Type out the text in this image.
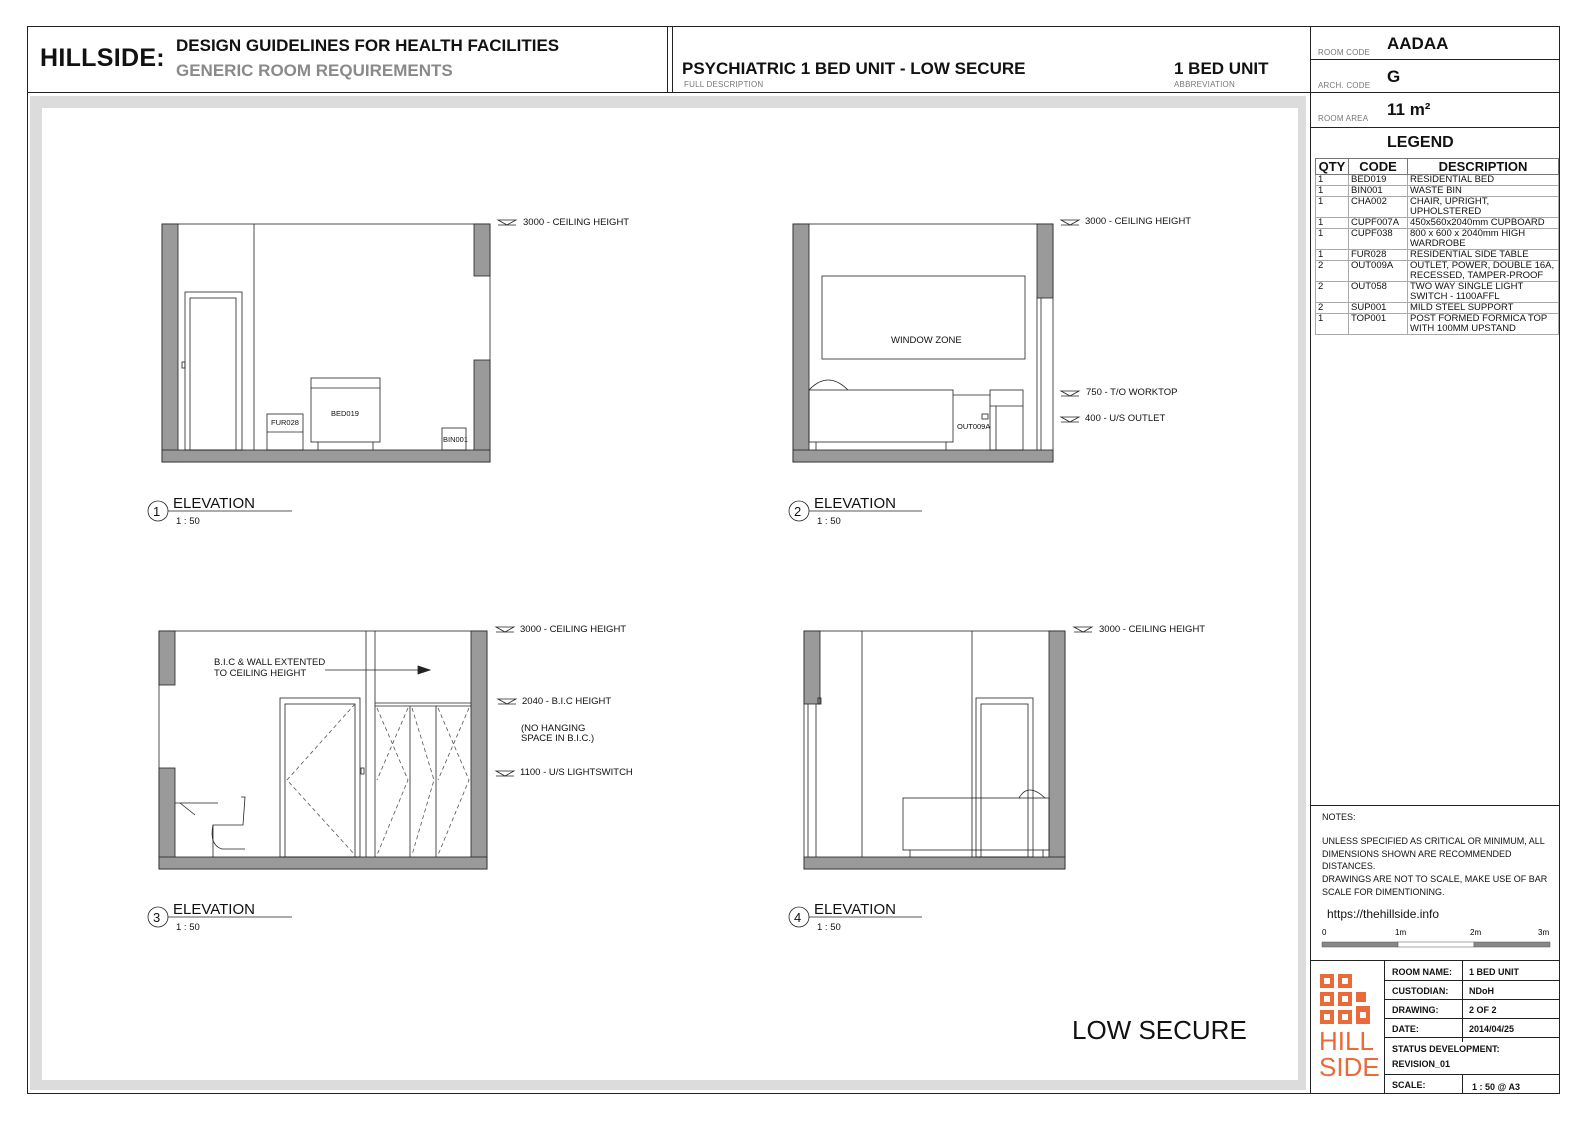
HILLSIDE: DESIGN GUIDELINES FOR HEALTH FACILITIES
GENERIC ROOM REQUIREMENTS	PSYCHIATRIC 1 BED UNIT - LOW SECURE
FULL DESCRIPTION
1 BED UNIT
ABBREVIATION
ROOM CODE AADAA
ARCH. CODE G
ROOM AREA 11 m²
LEGEND
QTY	CODE	DESCRIPTION
1	BED019	RESIDENTIAL BED
1	BIN001	WASTE BIN
1	CHA002	CHAIR, UPRIGHT, UPHOLSTERED
1	CUPF007A	450x560x2040mm CUPBOARD
1	CUPF038	800 x 600 x 2040mm HIGH WARDROBE
1	FUR028	RESIDENTIAL SIDE TABLE
2	OUT009A	OUTLET, POWER, DOUBLE 16A, RECESSED, TAMPER-PROOF
2	OUT058	TWO WAY SINGLE LIGHT SWITCH - 1100AFFL
2	SUP001	MILD STEEL SUPPORT
1	TOP001	POST FORMED FORMICA TOP WITH 100MM UPSTAND
NOTES:
UNLESS SPECIFIED AS CRITICAL OR MINIMUM, ALL DIMENSIONS SHOWN ARE RECOMMENDED DISTANCES.
DRAWINGS ARE NOT TO SCALE, MAKE USE OF BAR SCALE FOR DIMENTIONING.
https://thehillside.info
0	1m	2m	3m
ROOM NAME: 1 BED UNIT
CUSTODIAN: NDoH
DRAWING:	2 OF 2
DATE:	2014/04/25
STATUS DEVELOPMENT:
REVISION_01
SCALE:	1 : 50 @ A3
HILL
SIDE
3000 - CEILING HEIGHT
FUR028
BED019
BIN001
3000 - CEILING HEIGHT
WINDOW ZONE
750 - T/O WORKTOP
400 - U/S OUTLET
OUT009A
3000 - CEILING HEIGHT
B.I.C & WALL EXTENTED
TO CEILING HEIGHT
2040 - B.I.C HEIGHT
(NO HANGING
SPACE IN B.I.C.)
1100 - U/S LIGHTSWITCH
3000 - CEILING HEIGHT
1 ELEVATION
1 : 50
2 ELEVATION
1 : 50
3 ELEVATION
1 : 50
4 ELEVATION
1 : 50
LOW SECURE
